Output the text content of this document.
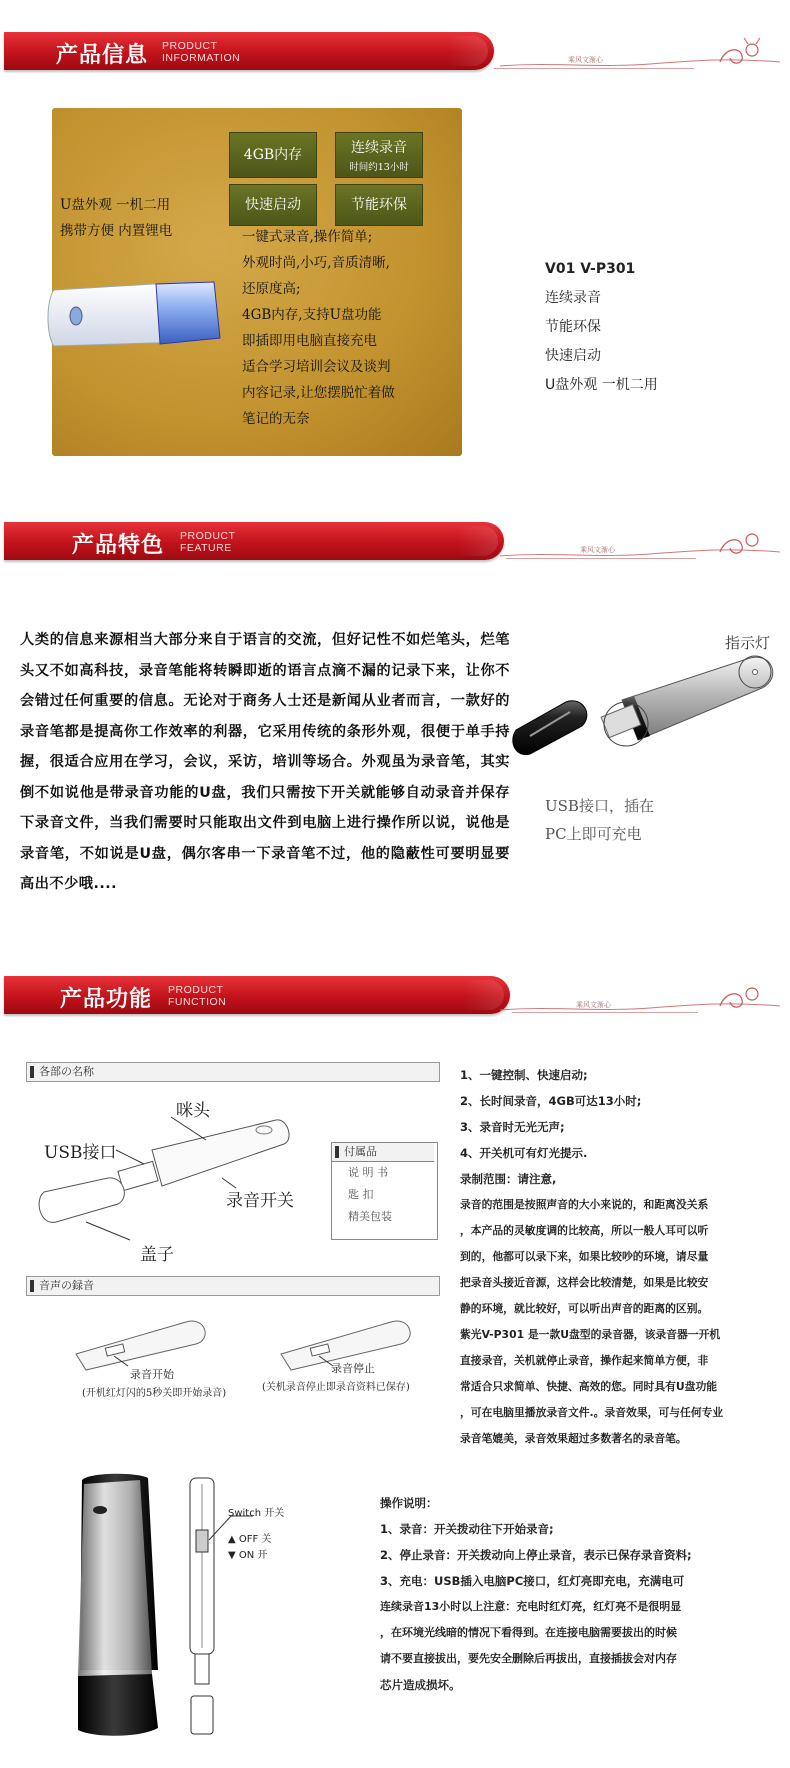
产品信息 PRODUCT
INFORMATION	乘风文渐心
4GB内存	连续录音
时间约13小时
快速启动	节能环保
U盘外观 一机二用
携带方便 内置锂电	一键式录音,操作简单;
外观时尚,小巧,音质清晰,
还原度高;
4GB内存,支持U盘功能
即插即用电脑直接充电
适合学习培训会议及谈判
内容记录,让您摆脱忙着做
笔记的无奈
V01 V-P301
连续录音
节能环保
快速启动
U盘外观 一机二用
产品特色 PRODUCT
FEATURE	乘风文渐心
人类的信息来源相当大部分来自于语言的交流，但好记性不如烂笔头，烂笔头又不如高科技，录音笔能将转瞬即逝的语言点滴不漏的记录下来，让你不会错过任何重要的信息。无论对于商务人士还是新闻从业者而言，一款好的录音笔都是提高你工作效率的利器，它采用传统的条形外观，很便于单手持握，很适合应用在学习，会议，采访，培训等场合。外观虽为录音笔，其实倒不如说他是带录音功能的U盘，我们只需按下开关就能够自动录音并保存下录音文件，当我们需要时只能取出文件到电脑上进行操作所以说，说他是录音笔，不如说是U盘，偶尔客串一下录音笔不过，他的隐蔽性可要明显要高出不少哦....
指示灯
USB接口，插在
PC上即可充电
产品功能 PRODUCT
FUNCTION	乘风文渐心
各部の名称
咪头
USB接口
录音开关
盖子
付属品
说 明 书
匙 扣
精美包装
音声の録音
录音开始
(开机红灯闪的5秒关即开始录音)
录音停止
(关机录音停止即录音资料已保存)
1、一键控制、快速启动;
2、长时间录音，4GB可达13小时;
3、录音时无光无声;
4、开关机可有灯光提示.
录制范围：请注意,
录音的范围是按照声音的大小来说的，和距离没关系
，本产品的灵敏度调的比较高，所以一般人耳可以听
到的，他都可以录下来，如果比较吵的环境，请尽量
把录音头接近音源，这样会比较清楚，如果是比较安
静的环境，就比较好，可以听出声音的距离的区别。
紫光V-P301 是一款U盘型的录音器，该录音器一开机
直接录音，关机就停止录音，操作起来简单方便，非
常适合只求简单、快捷、高效的您。同时具有U盘功能
，可在电脑里播放录音文件.。录音效果，可与任何专业
录音笔媲美，录音效果超过多数著名的录音笔。
Switch 开关
▲ OFF 关
▼ ON 开
操作说明：
1、录音：开关拨动往下开始录音;
2、停止录音：开关拨动向上停止录音，表示已保存录音资料;
3、充电：USB插入电脑PC接口，红灯亮即充电，充满电可
连续录音13小时以上注意：充电时红灯亮，红灯亮不是很明显
，在环境光线暗的情况下看得到。在连接电脑需要拔出的时候
请不要直接拔出，要先安全删除后再拔出，直接插拔会对内存
芯片造成损坏。
